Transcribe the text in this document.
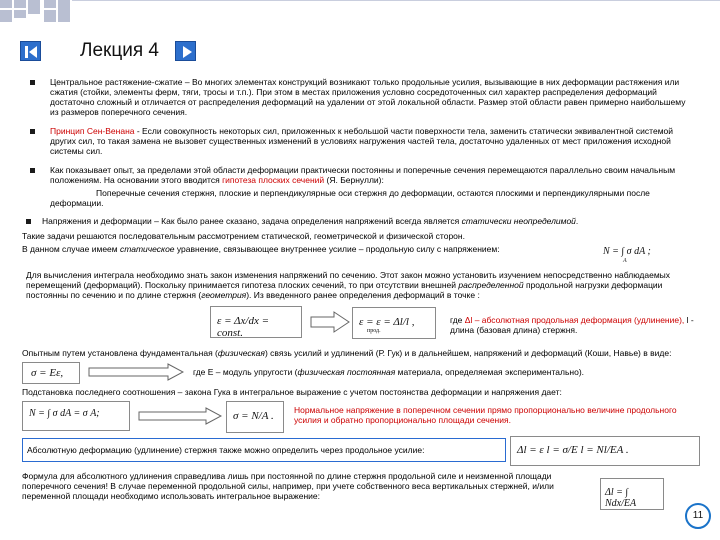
Лекция 4
Центральное растяжение-сжатие – Во многих элементах конструкций возникают только продольные усилия, вызывающие в них деформации растяжения или сжатия (стойки, элементы ферм, тяги, тросы и т.п.). При этом в местах приложения условно сосредоточенных сил характер распределения деформаций достаточно сложный и отличается от распределения деформаций на удалении от этой локальной области. Размер этой области равен примерно наибольшему из размеров поперечного сечения.
Принцип Сен-Венана - Если совокупность некоторых сил, приложенных к небольшой части поверхности тела, заменить статически эквивалентной системой других сил, то такая замена не вызовет существенных изменений в условиях нагружения частей тела, достаточно удаленных от мест приложения исходной системы сил.
Как показывает опыт, за пределами этой области деформации практически постоянны и поперечные сечения перемещаются параллельно своим начальным положениям. На основании этого вводится гипотеза плоских сечений (Я. Бернулли):
Поперечные сечения стержня, плоские и перпендикулярные оси стержня до деформации, остаются плоскими и перпендикулярными после деформации.
Напряжения и деформации – Как было ранее сказано, задача определения напряжений всегда является статически неопределимой.
Такие задачи решаются последовательным рассмотрением статической, геометрической и физической сторон.
В данном случае имеем статическое уравнение, связывающее внутреннее усилие – продольную силу с напряжением:	N = ∫ σ dA ;
A
Для вычисления интеграла необходимо знать закон изменения напряжений по сечению. Этот закон можно установить изучением непосредственно наблюдаемых перемещений (деформаций). Поскольку принимается гипотеза плоских сечений, то при отсутствии внешней распределенной продольной нагрузки деформации постоянны по сечению и по длине стержня (геометрия). Из введенного ранее определения деформаций в точке :
ε = Δx/dx = const.
ε = ε = Δl/l ,
прод.
где Δl – абсолютная продольная деформация (удлинение), l - длина (базовая длина) стержня.
Опытным путем установлена фундаментальная (физическая) связь усилий и удлинений (Р. Гук) и в дальнейшем, напряжений и деформаций (Коши, Навье) в виде:
σ = Eε,	где E – модуль упругости (физическая постоянная материала, определяемая экспериментально).
Подстановка последнего соотношения – закона Гука в интегральное выражение с учетом постоянства деформации и напряжения дает:
N = ∫ σ dA = σ A;	σ = N/A .	Нормальное напряжение в поперечном сечении прямо пропорционально величине продольного усилия и обратно пропорционально площади сечения.
Абсолютную деформацию (удлинение) стержня также можно определить через продольное усилие:	Δl = ε l = σ/E l = Nl/EA .
Формула для абсолютного удлинения справедлива лишь при постоянной по длине стержня продольной силе и неизменной площади поперечного сечения! В случае переменной продольной силы, например, при учете собственного веса вертикальных стержней, и/или переменной площади необходимо использовать интегральное выражение:	Δl = ∫ Ndx/EA
11
